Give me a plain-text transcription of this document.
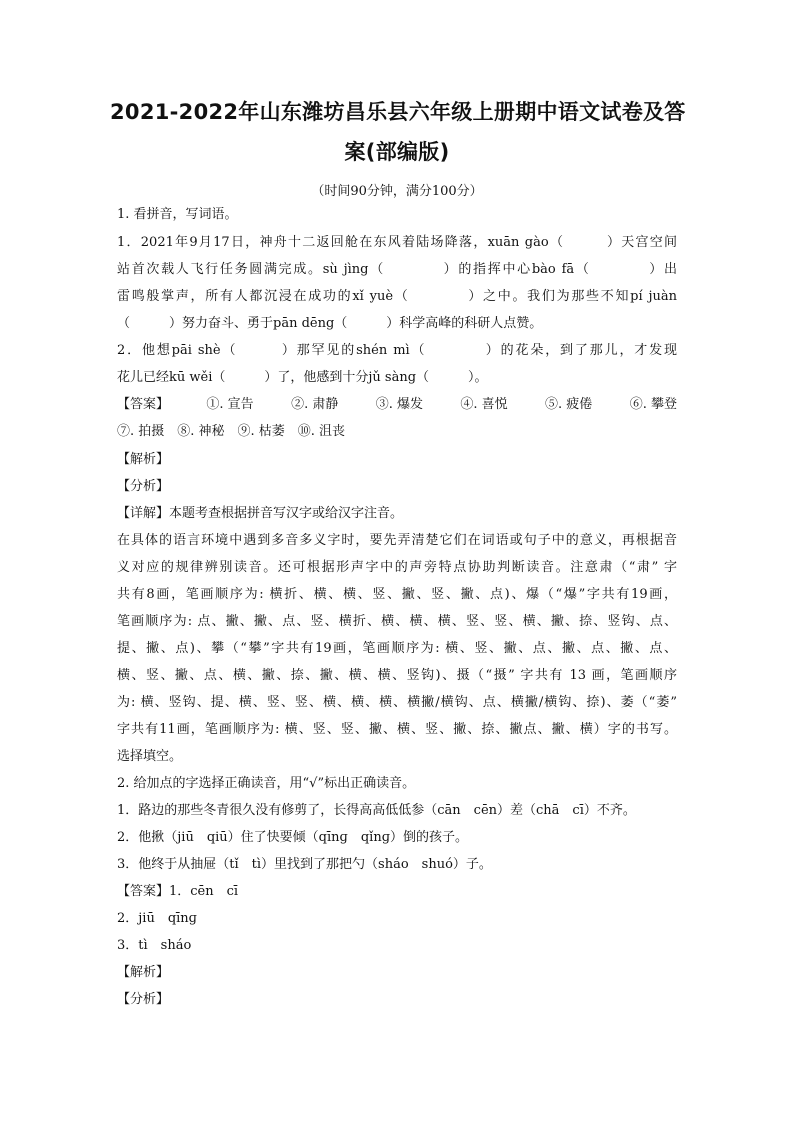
2021-2022年山东潍坊昌乐县六年级上册期中语文试卷及答
案(部编版)
（时间90分钟，满分100分）
1. 看拼音，写词语。
1．2021年9月17日，神舟十二返回舱在东风着陆场降落，xuān gào（　　　）天宫空间
站首次载人飞行任务圆满完成。sù jìng（　　　　）的指挥中心bào fā（　　　　）出
雷鸣般掌声，所有人都沉浸在成功的xǐ yuè（　　　　）之中。我们为那些不知pí juàn
（　　　）努力奋斗、勇于pān dēng（　　　）科学高峰的科研人点赞。
2．他想pāi shè（　　　）那罕见的shén mì（　　　　）的花朵，到了那儿，才发现
花儿已经kū wěi（　　　）了，他感到十分jǔ sàng（　　　）。
【答案】	①. 宣告	②. 肃静	③. 爆发	④. 喜悦	⑤. 疲倦	⑥. 攀登
⑦. 拍摄　⑧. 神秘　⑨. 枯萎　⑩. 沮丧
【解析】
【分析】
【详解】本题考查根据拼音写汉字或给汉字注音。
在具体的语言环境中遇到多音多义字时，要先弄清楚它们在词语或句子中的意义，再根据音
义对应的规律辨别读音。还可根据形声字中的声旁特点协助判断读音。注意肃（“肃” 字
共有8画，笔画顺序为: 横折、横、横、竖、撇、竖、撇、点)、爆（“爆”字共有19画，
笔画顺序为: 点、撇、撇、点、竖、横折、横、横、横、竖、竖、横、撇、捺、竖钩、点、
提、撇、点)、攀（“攀”字共有19画，笔画顺序为: 横、竖、撇、点、撇、点、撇、点、
横、竖、撇、点、横、撇、捺、撇、横、横、竖钩)、摄（“摄” 字共有 13 画，笔画顺序
为: 横、竖钩、提、横、竖、竖、横、横、横、横撇/横钩、点、横撇/横钩、捺)、萎（“萎”
字共有11画，笔画顺序为: 横、竖、竖、撇、横、竖、撇、捺、撇点、撇、横）字的书写。
选择填空。
2. 给加点的字选择正确读音，用“√”标出正确读音。
1．路边的那些冬青很久没有修剪了，长得高高低低参（cān　cēn）差（chā　cī）不齐。
2．他揪（jiū　qiū）住了快要倾（qīnɡ　qǐnɡ）倒的孩子。
3．他终于从抽屉（tǐ　tì）里找到了那把勺（sháo　shuó）子。
【答案】1．cēn　cī
2．jiū　qīnɡ
3．tì　sháo
【解析】
【分析】
